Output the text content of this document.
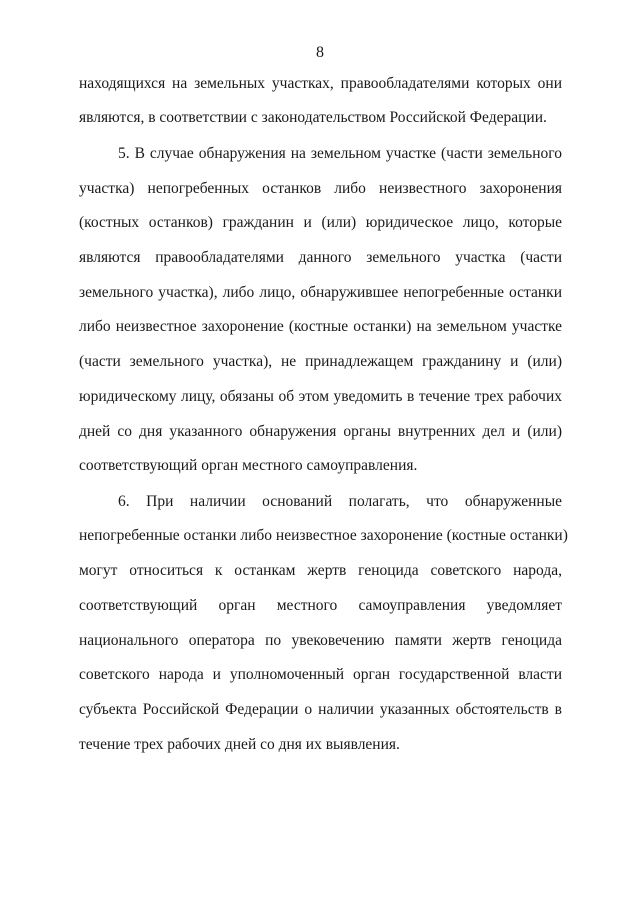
8
находящихся на земельных участках, правообладателями которых они
являются, в соответствии с законодательством Российской Федерации.
5. В случае обнаружения на земельном участке (части земельного
участка) непогребенных останков либо неизвестного захоронения
(костных останков) гражданин и (или) юридическое лицо, которые
являются правообладателями данного земельного участка (части
земельного участка), либо лицо, обнаружившее непогребенные останки
либо неизвестное захоронение (костные останки) на земельном участке
(части земельного участка), не принадлежащем гражданину и (или)
юридическому лицу, обязаны об этом уведомить в течение трех рабочих
дней со дня указанного обнаружения органы внутренних дел и (или)
соответствующий орган местного самоуправления.
6. При наличии оснований полагать, что обнаруженные
непогребенные останки либо неизвестное захоронение (костные останки)
могут относиться к останкам жертв геноцида советского народа,
соответствующий орган местного самоуправления уведомляет
национального оператора по увековечению памяти жертв геноцида
советского народа и уполномоченный орган государственной власти
субъекта Российской Федерации о наличии указанных обстоятельств в
течение трех рабочих дней со дня их выявления.
